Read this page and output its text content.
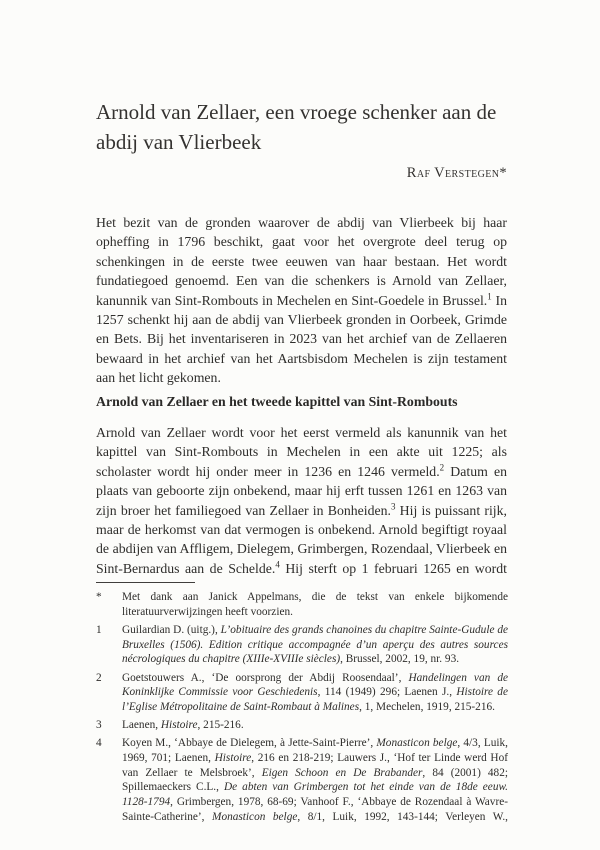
Arnold van Zellaer, een vroege schenker aan de abdij van Vlierbeek
Raf Verstegen*

Het bezit van de gronden waarover de abdij van Vlierbeek bij haar opheffing in 1796 beschikt, gaat voor het overgrote deel terug op schenkingen in de eerste twee eeuwen van haar bestaan. Het wordt fundatiegoed genoemd. Een van die schenkers is Arnold van Zellaer, kanunnik van Sint-Rombouts in Mechelen en Sint-Goedele in Brussel.$^1$ In 1257 schenkt hij aan de abdij van Vlierbeek gronden in Oorbeek, Grimde en Bets. Bij het inventariseren in 2023 van het archief van de Zellaeren bewaard in het archief van het Aartsbisdom Mechelen is zijn testament aan het licht gekomen.

Arnold van Zellaer en het tweede kapittel van Sint-Rombouts

Arnold van Zellaer wordt voor het eerst vermeld als kanunnik van het kapittel van Sint-Rombouts in Mechelen in een akte uit 1225; als scholaster wordt hij onder meer in 1236 en 1246 vermeld.$^2$ Datum en plaats van geboorte zijn onbekend, maar hij erft tussen 1261 en 1263 van zijn broer het familiegoed van Zellaer in Bonheiden.$^3$ Hij is puissant rijk, maar de herkomst van dat vermogen is onbekend. Arnold begiftigt royaal de abdijen van Affligem, Dielegem, Grimbergen, Rozendaal, Vlierbeek en Sint-Bernardus aan de Schelde.$^4$ Hij sterft op 1 februari 1265 en wordt

*	Met dank aan Janick Appelmans, die de tekst van enkele bijkomende literatuurverwijzingen heeft voorzien.
1	Guilardian D. (uitg.), L’obituaire des grands chanoines du chapitre Sainte-Gudule de Bruxelles (1506). Edition critique accompagnée d’un aperçu des autres sources nécrologiques du chapitre (XIIIe-XVIIIe siècles), Brussel, 2002, 19, nr. 93.
2	Goetstouwers A., ‘De oorsprong der Abdij Roosendaal’, Handelingen van de Koninklijke Commissie voor Geschiedenis, 114 (1949) 296; Laenen J., Histoire de l’Eglise Métropolitaine de Saint-Rombaut à Malines, 1, Mechelen, 1919, 215-216.
3	Laenen, Histoire, 215-216.
4	Koyen M., ‘Abbaye de Dielegem, à Jette-Saint-Pierre’, Monasticon belge, 4/3, Luik, 1969, 701; Laenen, Histoire, 216 en 218-219; Lauwers J., ‘Hof ter Linde werd Hof van Zellaer te Melsbroek’, Eigen Schoon en De Brabander, 84 (2001) 482; Spillemaeckers C.L., De abten van Grimbergen tot het einde van de 18de eeuw. 1128-1794, Grimbergen, 1978, 68-69; Vanhoof F., ‘Abbaye de Rozendaal à Wavre-Sainte-Catherine’, Monasticon belge, 8/1, Luik, 1992, 143-144; Verleyen W.,
